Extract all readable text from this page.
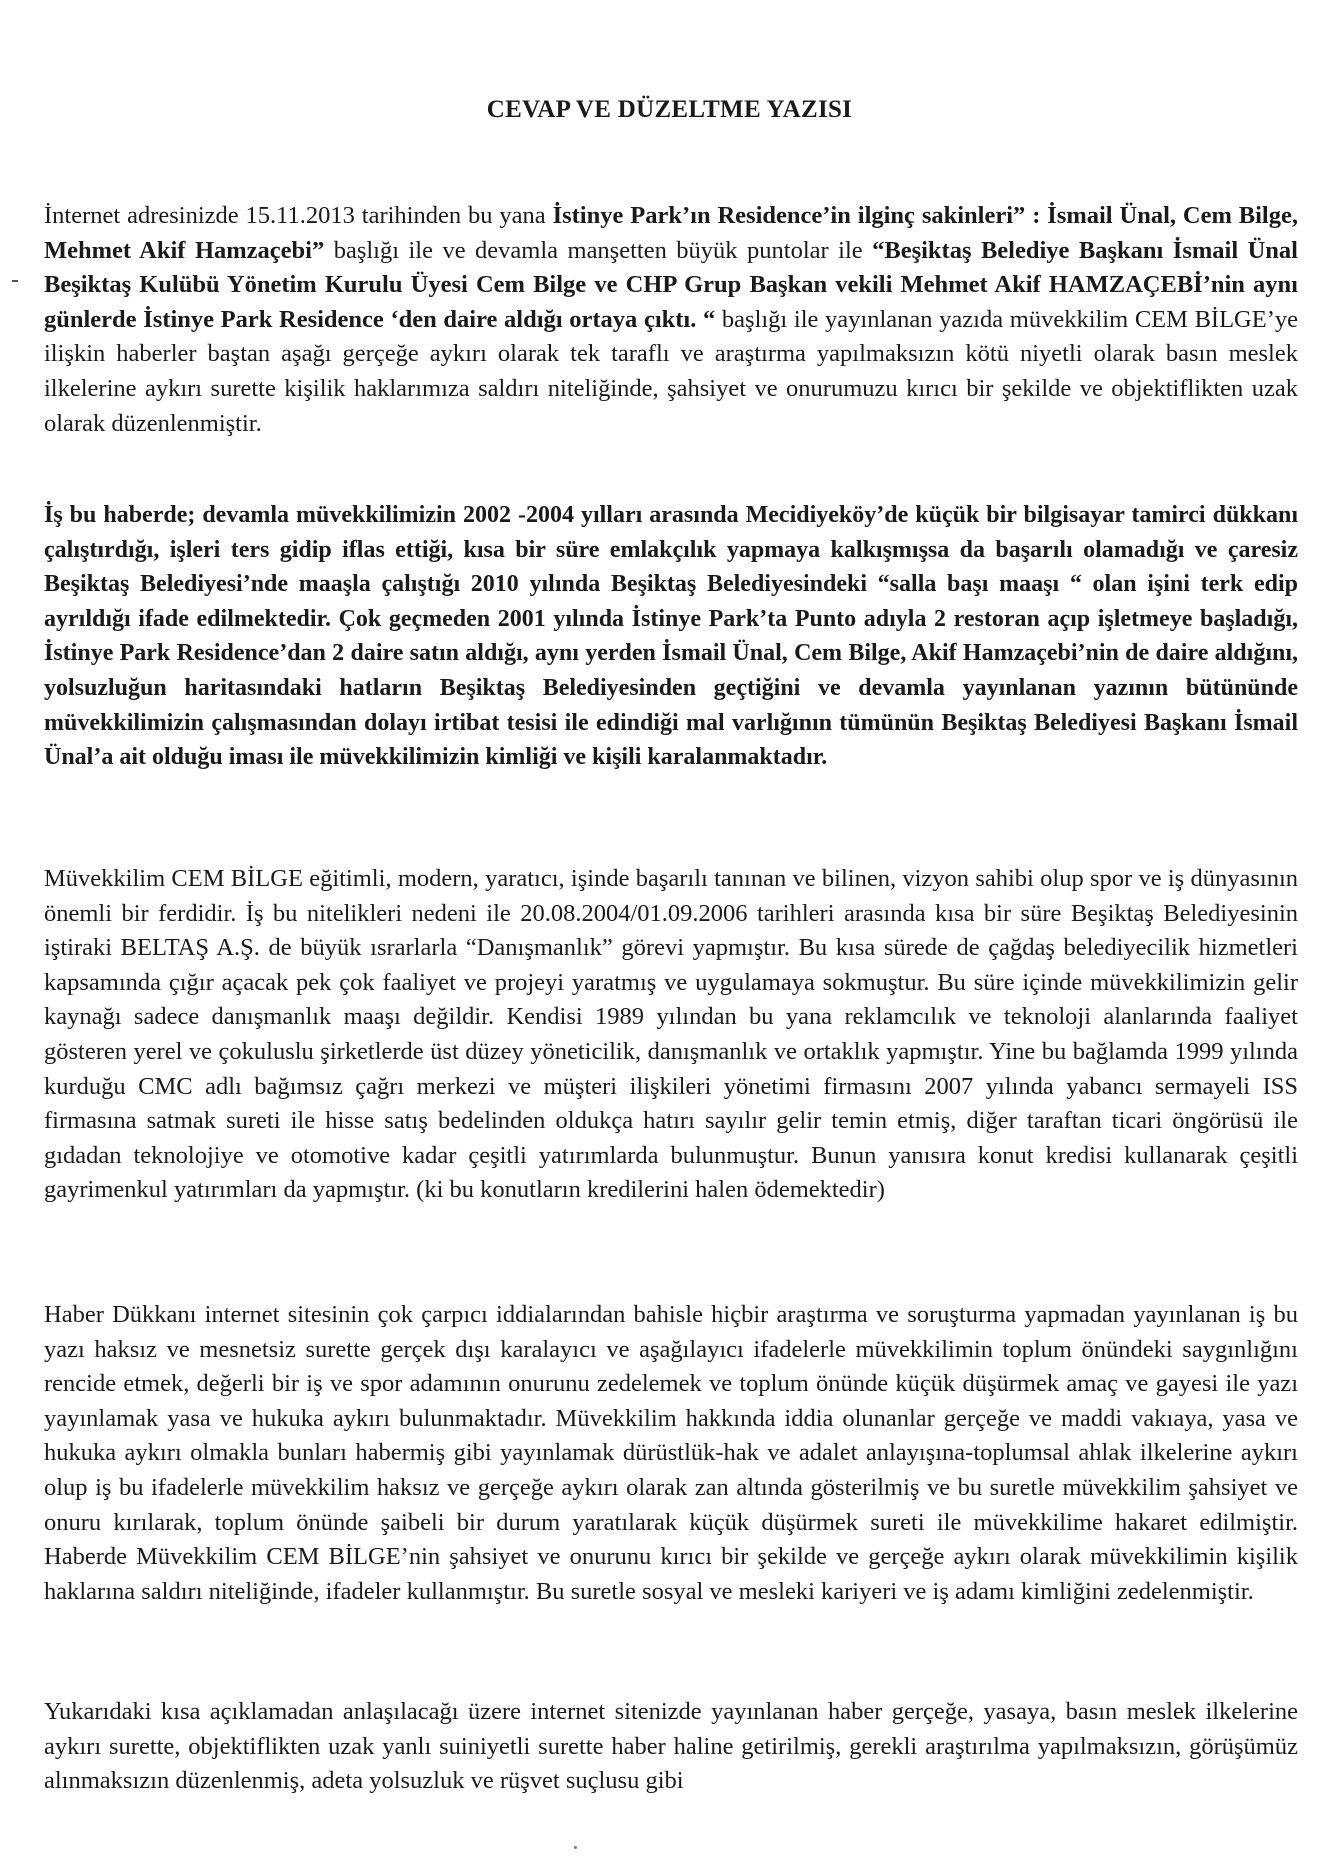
CEVAP VE DÜZELTME YAZISI
İnternet adresinizde 15.11.2013 tarihinden bu yana İstinye Park’ın Residence’in ilginç sakinleri” : İsmail Ünal, Cem Bilge, Mehmet Akif Hamzaçebi” başlığı ile ve devamla manşetten büyük puntolar ile “Beşiktaş Belediye Başkanı İsmail Ünal Beşiktaş Kulübü Yönetim Kurulu Üyesi Cem Bilge ve CHP Grup Başkan vekili Mehmet Akif HAMZAÇEBİ’nin aynı günlerde İstinye Park Residence ‘den daire aldığı ortaya çıktı. “ başlığı ile yayınlanan yazıda müvekkilim CEM BİLGE’ye ilişkin haberler baştan aşağı gerçeğe aykırı olarak tek taraflı ve araştırma yapılmaksızın kötü niyetli olarak basın meslek ilkelerine aykırı surette kişilik haklarımıza saldırı niteliğinde, şahsiyet ve onurumuzu kırıcı bir şekilde ve objektiflikten uzak olarak düzenlenmiştir.
İş bu haberde; devamla müvekkilimizin 2002 -2004 yılları arasında Mecidiyeköy’de küçük bir bilgisayar tamirci dükkanı çalıştırdığı, işleri ters gidip iflas ettiği, kısa bir süre emlakçılık yapmaya kalkışmışsa da başarılı olamadığı ve çaresiz Beşiktaş Belediyesi’nde maaşla çalıştığı 2010 yılında Beşiktaş Belediyesindeki “salla başı maaşı “ olan işini terk edip ayrıldığı ifade edilmektedir. Çok geçmeden 2001 yılında İstinye Park’ta Punto adıyla 2 restoran açıp işletmeye başladığı, İstinye Park Residence’dan 2 daire satın aldığı, aynı yerden İsmail Ünal, Cem Bilge, Akif Hamzaçebi’nin de daire aldığını, yolsuzluğun haritasındaki hatların Beşiktaş Belediyesinden geçtiğini ve devamla yayınlanan yazının bütününde müvekkilimizin çalışmasından dolayı irtibat tesisi ile edindiği mal varlığının tümünün Beşiktaş Belediyesi Başkanı İsmail Ünal’a ait olduğu iması ile müvekkilimizin kimliği ve kişili karalanmaktadır.
Müvekkilim CEM BİLGE eğitimli, modern, yaratıcı, işinde başarılı tanınan ve bilinen, vizyon sahibi olup spor ve iş dünyasının önemli bir ferdidir. İş bu nitelikleri nedeni ile 20.08.2004/01.09.2006 tarihleri arasında kısa bir süre Beşiktaş Belediyesinin iştiraki BELTAŞ A.Ş. de büyük ısrarlarla “Danışmanlık” görevi yapmıştır. Bu kısa sürede de çağdaş belediyecilik hizmetleri kapsamında çığır açacak pek çok faaliyet ve projeyi yaratmış ve uygulamaya sokmuştur. Bu süre içinde müvekkilimizin gelir kaynağı sadece danışmanlık maaşı değildir. Kendisi 1989 yılından bu yana reklamcılık ve teknoloji alanlarında faaliyet gösteren yerel ve çokuluslu şirketlerde üst düzey yöneticilik, danışmanlık ve ortaklık yapmıştır. Yine bu bağlamda 1999 yılında kurduğu CMC adlı bağımsız çağrı merkezi ve müşteri ilişkileri yönetimi firmasını 2007 yılında yabancı sermayeli ISS firmasına satmak sureti ile hisse satış bedelinden oldukça hatırı sayılır gelir temin etmiş, diğer taraftan ticari öngörüsü ile gıdadan teknolojiye ve otomotive kadar çeşitli yatırımlarda bulunmuştur. Bunun yanısıra konut kredisi kullanarak çeşitli gayrimenkul yatırımları da yapmıştır. (ki bu konutların kredilerini halen ödemektedir)
Haber Dükkanı internet sitesinin çok çarpıcı iddialarından bahisle hiçbir araştırma ve soruşturma yapmadan yayınlanan iş bu yazı haksız ve mesnetsiz surette gerçek dışı karalayıcı ve aşağılayıcı ifadelerle müvekkilimin toplum önündeki saygınlığını rencide etmek, değerli bir iş ve spor adamının onurunu zedelemek ve toplum önünde küçük düşürmek amaç ve gayesi ile yazı yayınlamak yasa ve hukuka aykırı bulunmaktadır. Müvekkilim hakkında iddia olunanlar gerçeğe ve maddi vakıaya, yasa ve hukuka aykırı olmakla bunları habermiş gibi yayınlamak dürüstlük-hak ve adalet anlayışına-toplumsal ahlak ilkelerine aykırı olup iş bu ifadelerle müvekkilim haksız ve gerçeğe aykırı olarak zan altında gösterilmiş ve bu suretle müvekkilim şahsiyet ve onuru kırılarak, toplum önünde şaibeli bir durum yaratılarak küçük düşürmek sureti ile müvekkilime hakaret edilmiştir. Haberde Müvekkilim CEM BİLGE’nin şahsiyet ve onurunu kırıcı bir şekilde ve gerçeğe aykırı olarak müvekkilimin kişilik haklarına saldırı niteliğinde, ifadeler kullanmıştır. Bu suretle sosyal ve mesleki kariyeri ve iş adamı kimliğini zedelenmiştir.
Yukarıdaki kısa açıklamadan anlaşılacağı üzere internet sitenizde yayınlanan haber gerçeğe, yasaya, basın meslek ilkelerine aykırı surette, objektiflikten uzak yanlı suiniyetli surette haber haline getirilmiş, gerekli araştırılma yapılmaksızın, görüşümüz alınmaksızın düzenlenmiş, adeta yolsuzluk ve rüşvet suçlusu gibi
